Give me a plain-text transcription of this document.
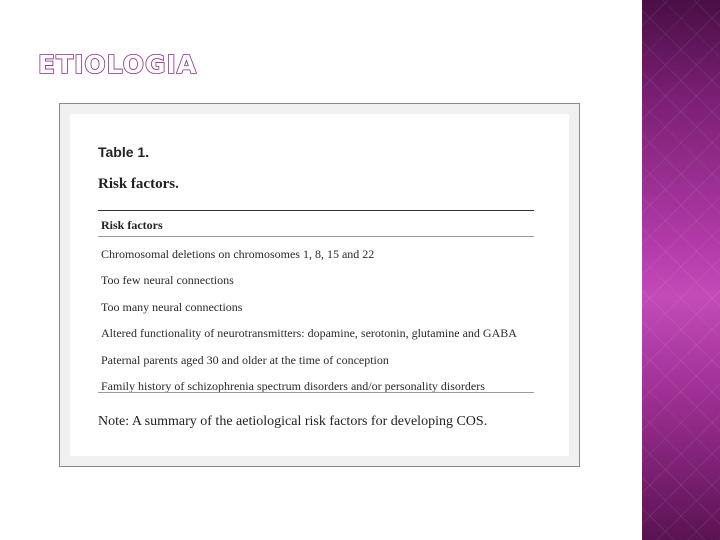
ETIOLOGIA
Table 1.
Risk factors.
Risk factors
Chromosomal deletions on chromosomes 1, 8, 15 and 22
Too few neural connections
Too many neural connections
Altered functionality of neurotransmitters: dopamine, serotonin, glutamine and GABA
Paternal parents aged 30 and older at the time of conception
Family history of schizophrenia spectrum disorders and/or personality disorders
Note: A summary of the aetiological risk factors for developing COS.
